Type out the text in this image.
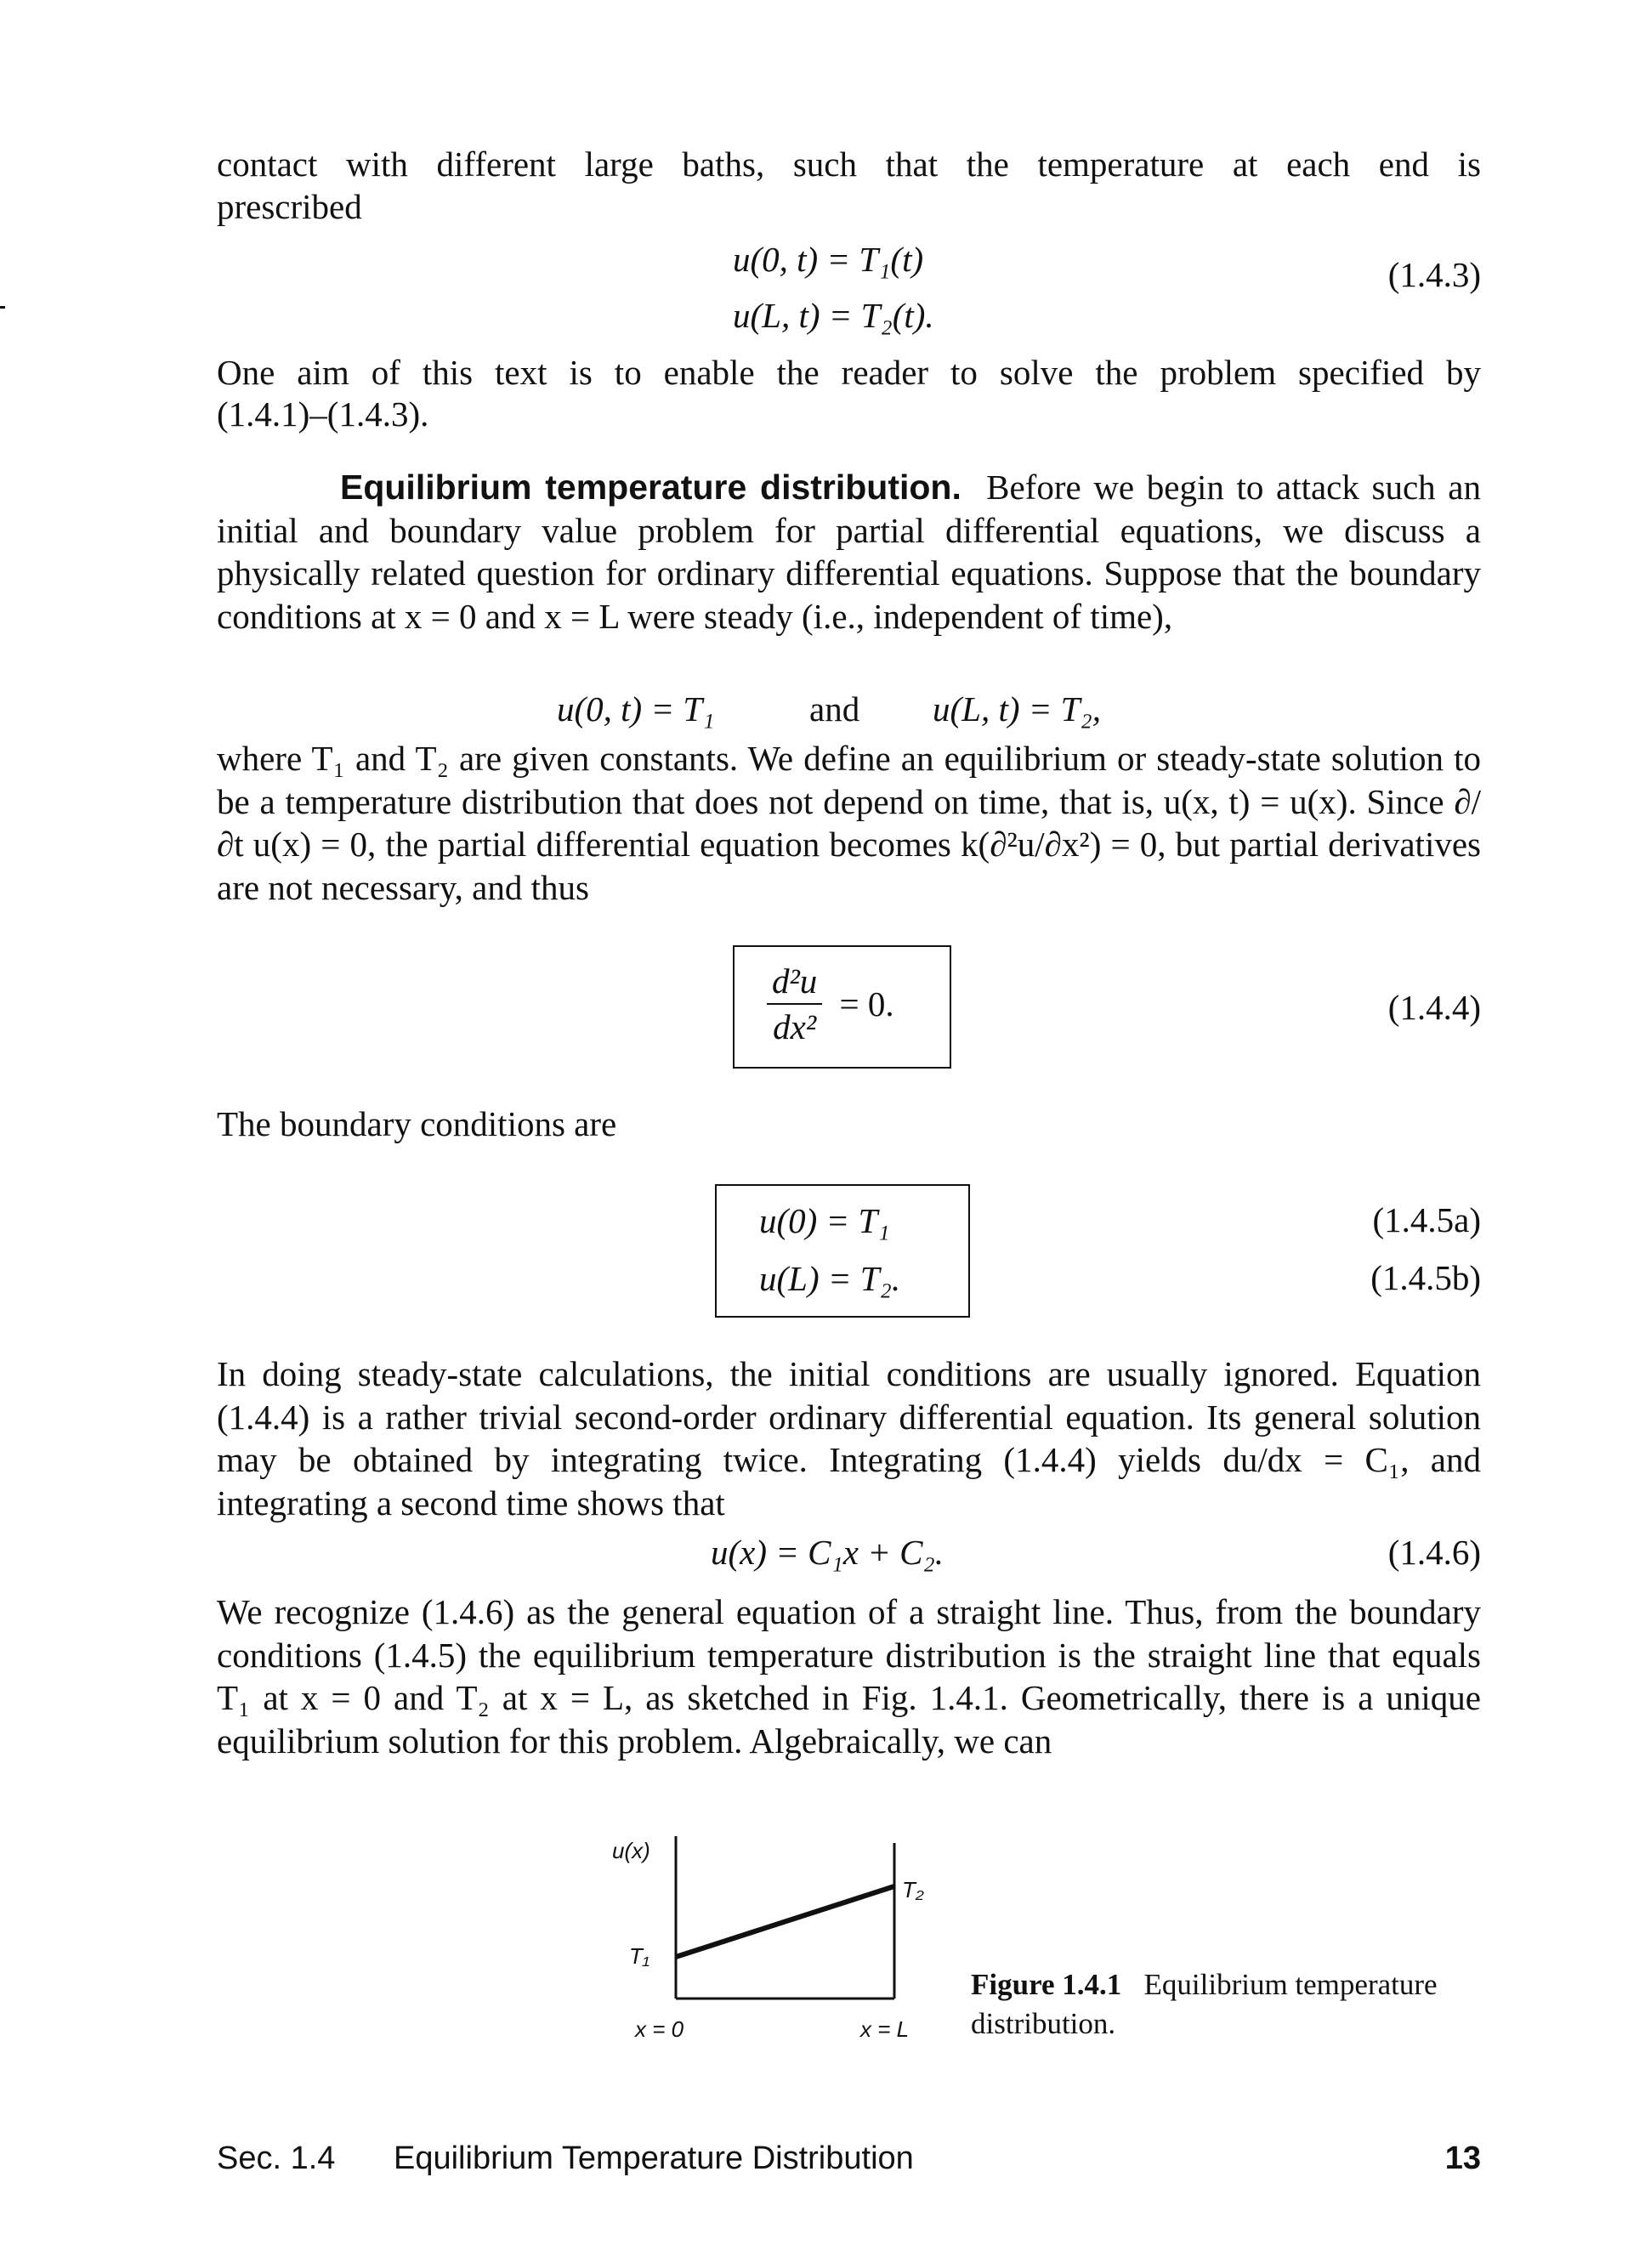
contact with different large baths, such that the temperature at each end is
prescribed
u(0, t) = T₁(t)
u(L, t) = T₂(t).
(1.4.3)
One aim of this text is to enable the reader to solve the problem specified by
(1.4.1)–(1.4.3).

Equilibrium temperature distribution. Before we begin to attack such an initial and boundary value problem for partial differential equations, we discuss a physically related question for ordinary differential equations. Suppose that the boundary conditions at x = 0 and x = L were steady (i.e., independent of time),

u(0, t) = T₁	and u(L, t) = T₂,

where T₁ and T₂ are given constants. We define an equilibrium or steady-state solution to be a temperature distribution that does not depend on time, that is, u(x, t) = u(x). Since ∂/∂t u(x) = 0, the partial differential equation becomes k(∂²u/∂x²) = 0, but partial derivatives are not necessary, and thus

$\frac{\text{d²u}}{\text{dx²}} = 0$.	(1.4.4)
The boundary conditions are
u(0) = T₁
u(L) = T₂.
(1.4.5a)
(1.4.5b)

In doing steady-state calculations, the initial conditions are usually ignored. Equation (1.4.4) is a rather trivial second-order ordinary differential equation. Its general solution may be obtained by integrating twice. Integrating (1.4.4) yields du/dx = C₁, and integrating a second time shows that

u(x) = C₁x + C₂.	(1.4.6)

We recognize (1.4.6) as the general equation of a straight line. Thus, from the boundary conditions (1.4.5) the equilibrium temperature distribution is the straight line that equals T₁ at x = 0 and T₂ at x = L, as sketched in Fig. 1.4.1. Geometrically, there is a unique equilibrium solution for this problem. Algebraically, we can

u(x)
T₁
T₂
x = 0	x = L
Figure 1.4.1 Equilibrium temperature distribution.
Sec. 1.4 Equilibrium Temperature Distribution	13
